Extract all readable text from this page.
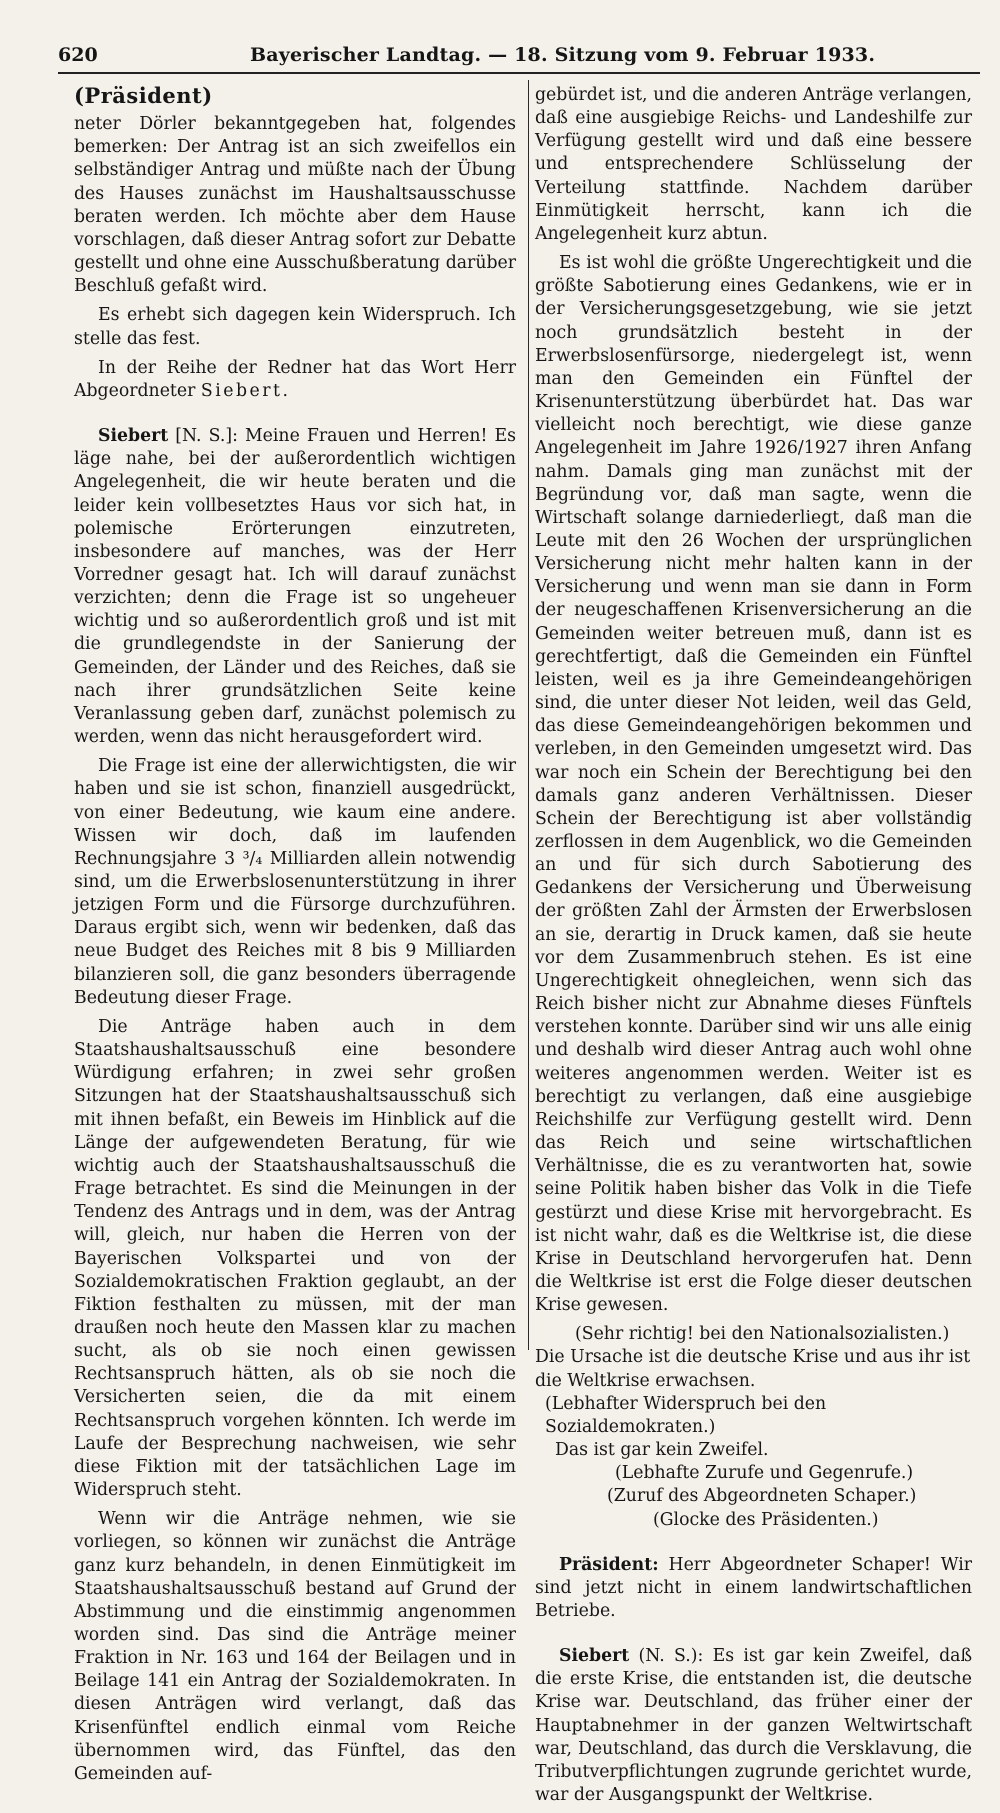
620	Bayerischer Landtag. — 18. Sitzung vom 9. Februar 1933.
(Präsident)

neter Dörler bekanntgegeben hat, folgendes bemerken: Der Antrag ist an sich zweifellos ein selbständiger Antrag und müßte nach der Übung des Hauses zunächst im Haushaltsausschusse beraten werden. Ich möchte aber dem Hause vorschlagen, daß dieser Antrag sofort zur Debatte gestellt und ohne eine Ausschußberatung darüber Beschluß gefaßt wird.

Es erhebt sich dagegen kein Widerspruch. Ich stelle das fest.

In der Reihe der Redner hat das Wort Herr Abgeordneter Siebert.

Siebert [N. S.]: Meine Frauen und Herren! Es läge nahe, bei der außerordentlich wichtigen Angelegenheit, die wir heute beraten und die leider kein vollbesetztes Haus vor sich hat, in polemische Erörterungen einzutreten, insbesondere auf manches, was der Herr Vorredner gesagt hat. Ich will darauf zunächst verzichten; denn die Frage ist so ungeheuer wichtig und so außerordentlich groß und ist mit die grundlegendste in der Sanierung der Gemeinden, der Länder und des Reiches, daß sie nach ihrer grundsätzlichen Seite keine Veranlassung geben darf, zunächst polemisch zu werden, wenn das nicht herausgefordert wird.

Die Frage ist eine der allerwichtigsten, die wir haben und sie ist schon, finanziell ausgedrückt, von einer Bedeutung, wie kaum eine andere. Wissen wir doch, daß im laufenden Rechnungsjahre 3 ³/₄ Milliarden allein notwendig sind, um die Erwerbslosenunterstützung in ihrer jetzigen Form und die Fürsorge durchzuführen. Daraus ergibt sich, wenn wir bedenken, daß das neue Budget des Reiches mit 8 bis 9 Milliarden bilanzieren soll, die ganz besonders überragende Bedeutung dieser Frage.

Die Anträge haben auch in dem Staatshaushaltsausschuß eine besondere Würdigung erfahren; in zwei sehr großen Sitzungen hat der Staatshaushaltsausschuß sich mit ihnen befaßt, ein Beweis im Hinblick auf die Länge der aufgewendeten Beratung, für wie wichtig auch der Staatshaushaltsausschuß die Frage betrachtet. Es sind die Meinungen in der Tendenz des Antrags und in dem, was der Antrag will, gleich, nur haben die Herren von der Bayerischen Volkspartei und von der Sozialdemokratischen Fraktion geglaubt, an der Fiktion festhalten zu müssen, mit der man draußen noch heute den Massen klar zu machen sucht, als ob sie noch einen gewissen Rechtsanspruch hätten, als ob sie noch die Versicherten seien, die da mit einem Rechtsanspruch vorgehen könnten. Ich werde im Laufe der Besprechung nachweisen, wie sehr diese Fiktion mit der tatsächlichen Lage im Widerspruch steht.

Wenn wir die Anträge nehmen, wie sie vorliegen, so können wir zunächst die Anträge ganz kurz behandeln, in denen Einmütigkeit im Staatshaushaltsausschuß bestand auf Grund der Abstimmung und die einstimmig angenommen worden sind. Das sind die Anträge meiner Fraktion in Nr. 163 und 164 der Beilagen und in Beilage 141 ein Antrag der Sozialdemokraten. In diesen Anträgen wird verlangt, daß das Krisenfünftel endlich einmal vom Reiche übernommen wird, das Fünftel, das den Gemeinden auf-

gebürdet ist, und die anderen Anträge verlangen, daß eine ausgiebige Reichs- und Landeshilfe zur Verfügung gestellt wird und daß eine bessere und entsprechendere Schlüsselung der Verteilung stattfinde. Nachdem darüber Einmütigkeit herrscht, kann ich die Angelegenheit kurz abtun.

Es ist wohl die größte Ungerechtigkeit und die größte Sabotierung eines Gedankens, wie er in der Versicherungsgesetzgebung, wie sie jetzt noch grundsätzlich besteht in der Erwerbslosenfürsorge, niedergelegt ist, wenn man den Gemeinden ein Fünftel der Krisenunterstützung überbürdet hat. Das war vielleicht noch berechtigt, wie diese ganze Angelegenheit im Jahre 1926/1927 ihren Anfang nahm. Damals ging man zunächst mit der Begründung vor, daß man sagte, wenn die Wirtschaft solange darniederliegt, daß man die Leute mit den 26 Wochen der ursprünglichen Versicherung nicht mehr halten kann in der Versicherung und wenn man sie dann in Form der neugeschaffenen Krisenversicherung an die Gemeinden weiter betreuen muß, dann ist es gerechtfertigt, daß die Gemeinden ein Fünftel leisten, weil es ja ihre Gemeindeangehörigen sind, die unter dieser Not leiden, weil das Geld, das diese Gemeindeangehörigen bekommen und verleben, in den Gemeinden umgesetzt wird. Das war noch ein Schein der Berechtigung bei den damals ganz anderen Verhältnissen. Dieser Schein der Berechtigung ist aber vollständig zerflossen in dem Augenblick, wo die Gemeinden an und für sich durch Sabotierung des Gedankens der Versicherung und Überweisung der größten Zahl der Ärmsten der Erwerbslosen an sie, derartig in Druck kamen, daß sie heute vor dem Zusammenbruch stehen. Es ist eine Ungerechtigkeit ohnegleichen, wenn sich das Reich bisher nicht zur Abnahme dieses Fünftels verstehen konnte. Darüber sind wir uns alle einig und deshalb wird dieser Antrag auch wohl ohne weiteres angenommen werden. Weiter ist es berechtigt zu verlangen, daß eine ausgiebige Reichshilfe zur Verfügung gestellt wird. Denn das Reich und seine wirtschaftlichen Verhältnisse, die es zu verantworten hat, sowie seine Politik haben bisher das Volk in die Tiefe gestürzt und diese Krise mit hervorgebracht. Es ist nicht wahr, daß es die Weltkrise ist, die diese Krise in Deutschland hervorgerufen hat. Denn die Weltkrise ist erst die Folge dieser deutschen Krise gewesen.

(Sehr richtig! bei den Nationalsozialisten.)
Die Ursache ist die deutsche Krise und aus ihr ist die Weltkrise erwachsen.
(Lebhafter Widerspruch bei den Sozialdemokraten.)
Das ist gar kein Zweifel.
(Lebhafte Zurufe und Gegenrufe.)
(Zuruf des Abgeordneten Schaper.)
(Glocke des Präsidenten.)

Präsident: Herr Abgeordneter Schaper! Wir sind jetzt nicht in einem landwirtschaftlichen Betriebe.

Siebert (N. S.): Es ist gar kein Zweifel, daß die erste Krise, die entstanden ist, die deutsche Krise war. Deutschland, das früher einer der Hauptabnehmer in der ganzen Weltwirtschaft war, Deutschland, das durch die Versklavung, die Tributverpflichtungen zugrunde gerichtet wurde, war der Ausgangspunkt der Weltkrise.
